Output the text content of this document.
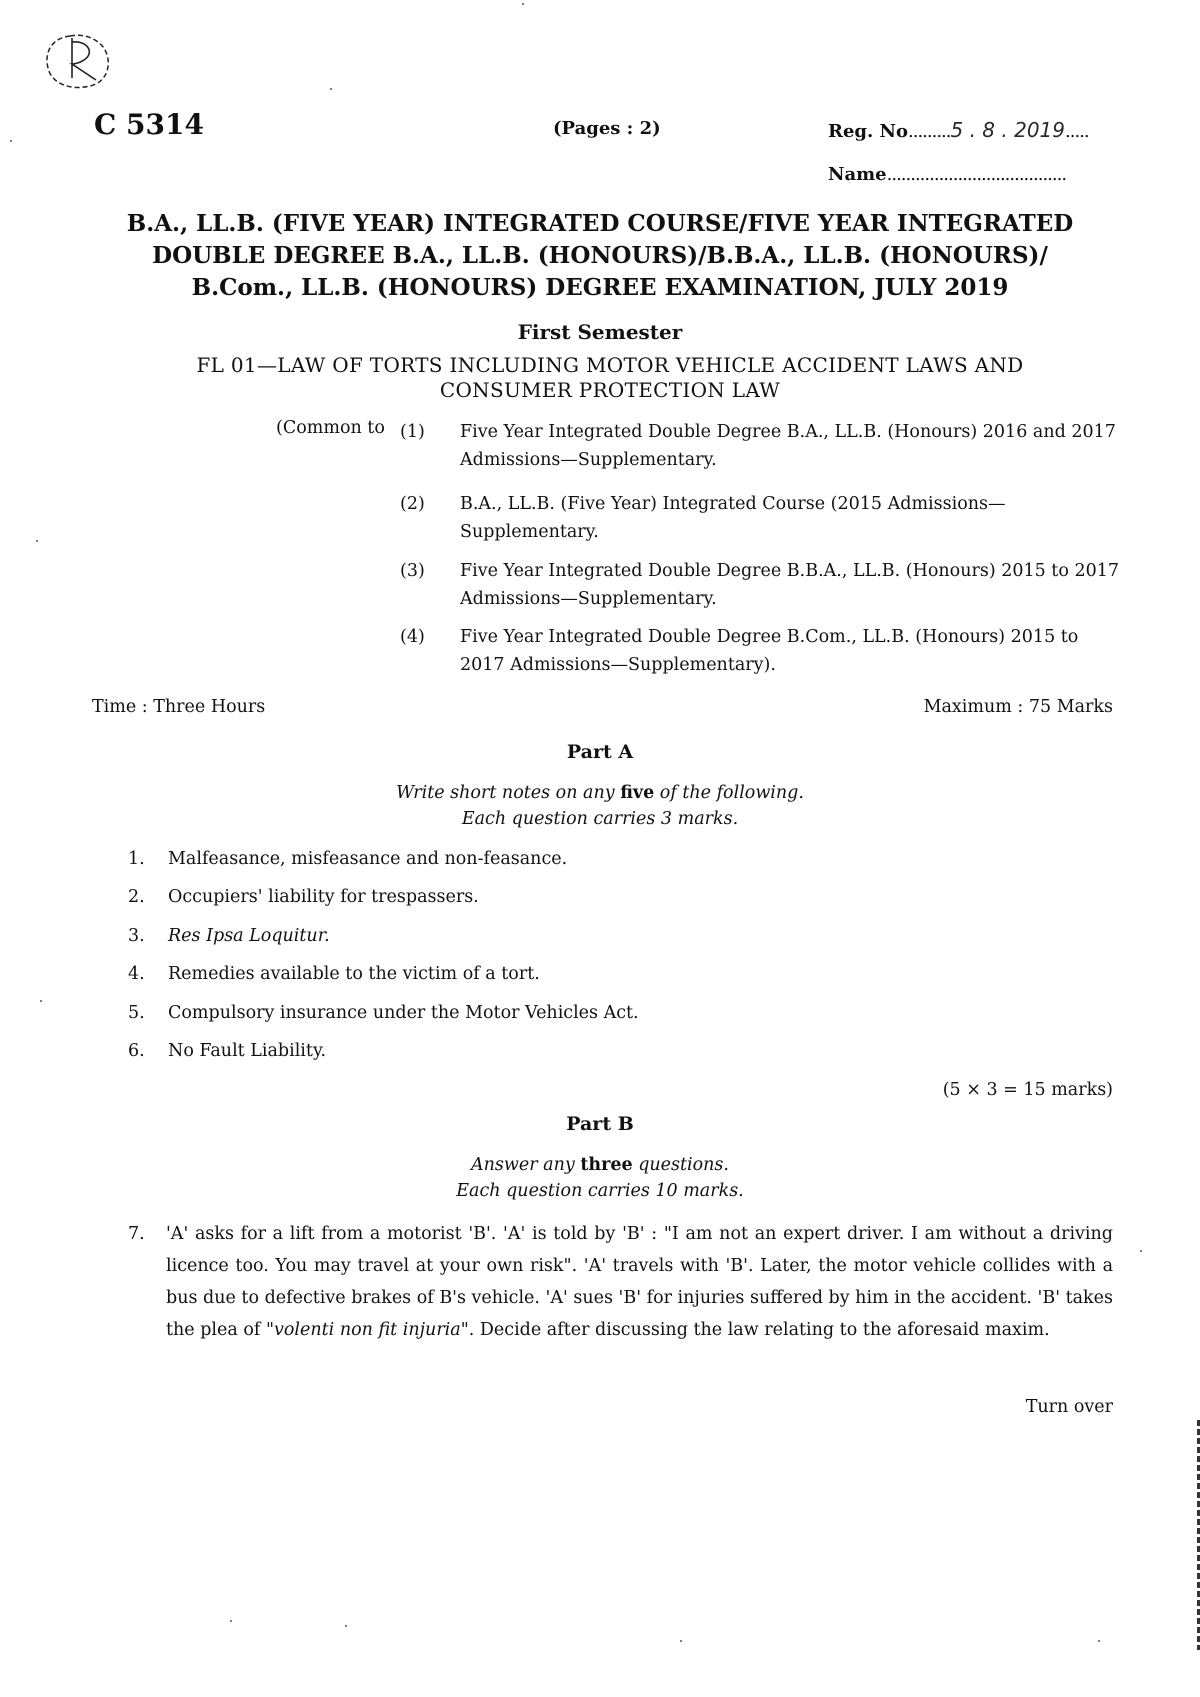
C 5314	(Pages : 2)	Reg. No.........5 . 8 . 2019.....
Name......................................
B.A., LL.B. (FIVE YEAR) INTEGRATED COURSE/FIVE YEAR INTEGRATED
DOUBLE DEGREE B.A., LL.B. (HONOURS)/B.B.A., LL.B. (HONOURS)/
B.Com., LL.B. (HONOURS) DEGREE EXAMINATION, JULY 2019
First Semester
FL 01—LAW OF TORTS INCLUDING MOTOR VEHICLE ACCIDENT LAWS AND
CONSUMER PROTECTION LAW
(Common to (1) Five Year Integrated Double Degree B.A., LL.B. (Honours) 2016 and 2017 Admissions—Supplementary.
(2) B.A., LL.B. (Five Year) Integrated Course (2015 Admissions—Supplementary.
(3) Five Year Integrated Double Degree B.B.A., LL.B. (Honours) 2015 to 2017 Admissions—Supplementary.
(4) Five Year Integrated Double Degree B.Com., LL.B. (Honours) 2015 to 2017 Admissions—Supplementary).
Time : Three Hours	Maximum : 75 Marks
Part A
Write short notes on any five of the following.
Each question carries 3 marks.
1. Malfeasance, misfeasance and non-feasance.
2. Occupiers' liability for trespassers.
3. Res Ipsa Loquitur.
4. Remedies available to the victim of a tort.
5. Compulsory insurance under the Motor Vehicles Act.
6. No Fault Liability.
(5 × 3 = 15 marks)
Part B
Answer any three questions.
Each question carries 10 marks.
7. 'A' asks for a lift from a motorist 'B'. 'A' is told by 'B' : "I am not an expert driver. I am without a driving licence too. You may travel at your own risk". 'A' travels with 'B'. Later, the motor vehicle collides with a bus due to defective brakes of B's vehicle. 'A' sues 'B' for injuries suffered by him in the accident. 'B' takes the plea of "volenti non fit injuria". Decide after discussing the law relating to the aforesaid maxim.
Turn over
